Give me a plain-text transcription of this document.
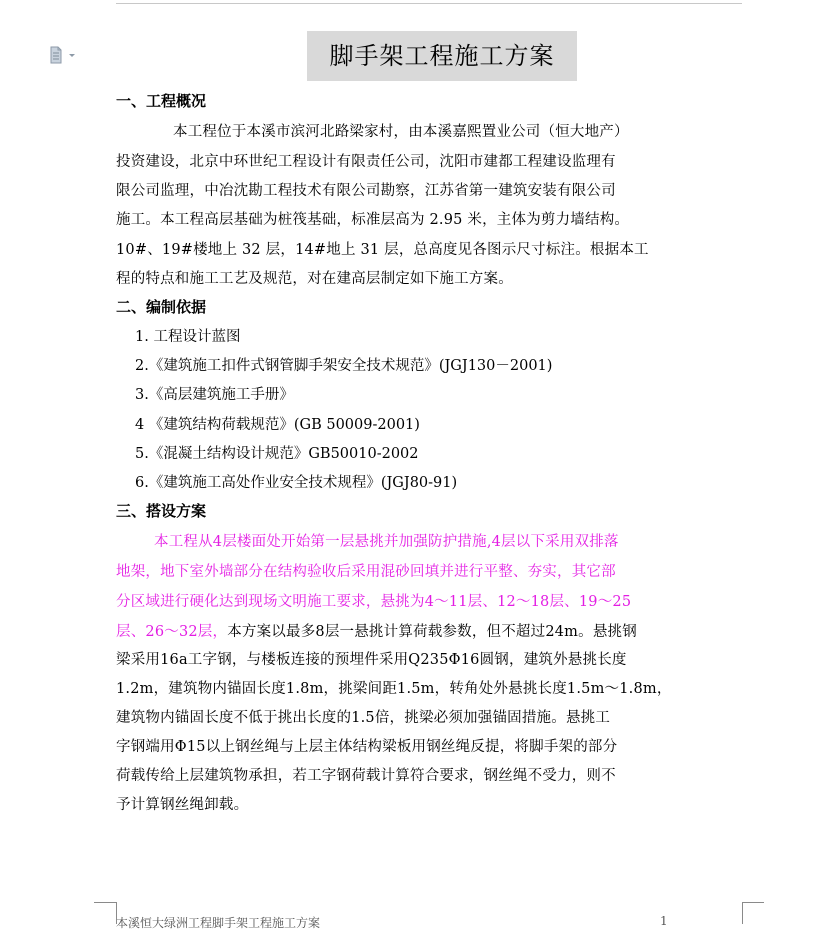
脚手架工程施工方案
一、工程概况
本工程位于本溪市滨河北路梁家村，由本溪嘉熙置业公司（恒大地产）
投资建设，北京中环世纪工程设计有限责任公司，沈阳市建都工程建设监理有
限公司监理，中冶沈勘工程技术有限公司勘察，江苏省第一建筑安装有限公司
施工。本工程高层基础为桩筏基础，标准层高为 2.95 米，主体为剪力墙结构。
10#、19#楼地上 32 层，14#地上 31 层，总高度见各图示尺寸标注。根据本工
程的特点和施工工艺及规范，对在建高层制定如下施工方案。
二、编制依据
1. 工程设计蓝图
2.《建筑施工扣件式钢管脚手架安全技术规范》(JGJ130－2001)
3.《高层建筑施工手册》
4 《建筑结构荷载规范》(GB 50009-2001)
5.《混凝土结构设计规范》GB50010-2002
6.《建筑施工高处作业安全技术规程》(JGJ80-91)
三、搭设方案
本工程从4层楼面处开始第一层悬挑并加强防护措施,4层以下采用双排落
地架，地下室外墙部分在结构验收后采用混砂回填并进行平整、夯实，其它部
分区域进行硬化达到现场文明施工要求，悬挑为4～11层、12～18层、19～25
层、26～32层，本方案以最多8层一悬挑计算荷载参数，但不超过24m。悬挑钢
梁采用16a工字钢，与楼板连接的预埋件采用Q235Φ16圆钢，建筑外悬挑长度
1.2m，建筑物内锚固长度1.8m，挑梁间距1.5m，转角处外悬挑长度1.5m～1.8m，
建筑物内锚固长度不低于挑出长度的1.5倍，挑梁必须加强锚固措施。悬挑工
字钢端用Φ15以上钢丝绳与上层主体结构梁板用钢丝绳反提，将脚手架的部分
荷载传给上层建筑物承担，若工字钢荷载计算符合要求，钢丝绳不受力，则不
予计算钢丝绳卸载。
本溪恒大绿洲工程脚手架工程施工方案	1
